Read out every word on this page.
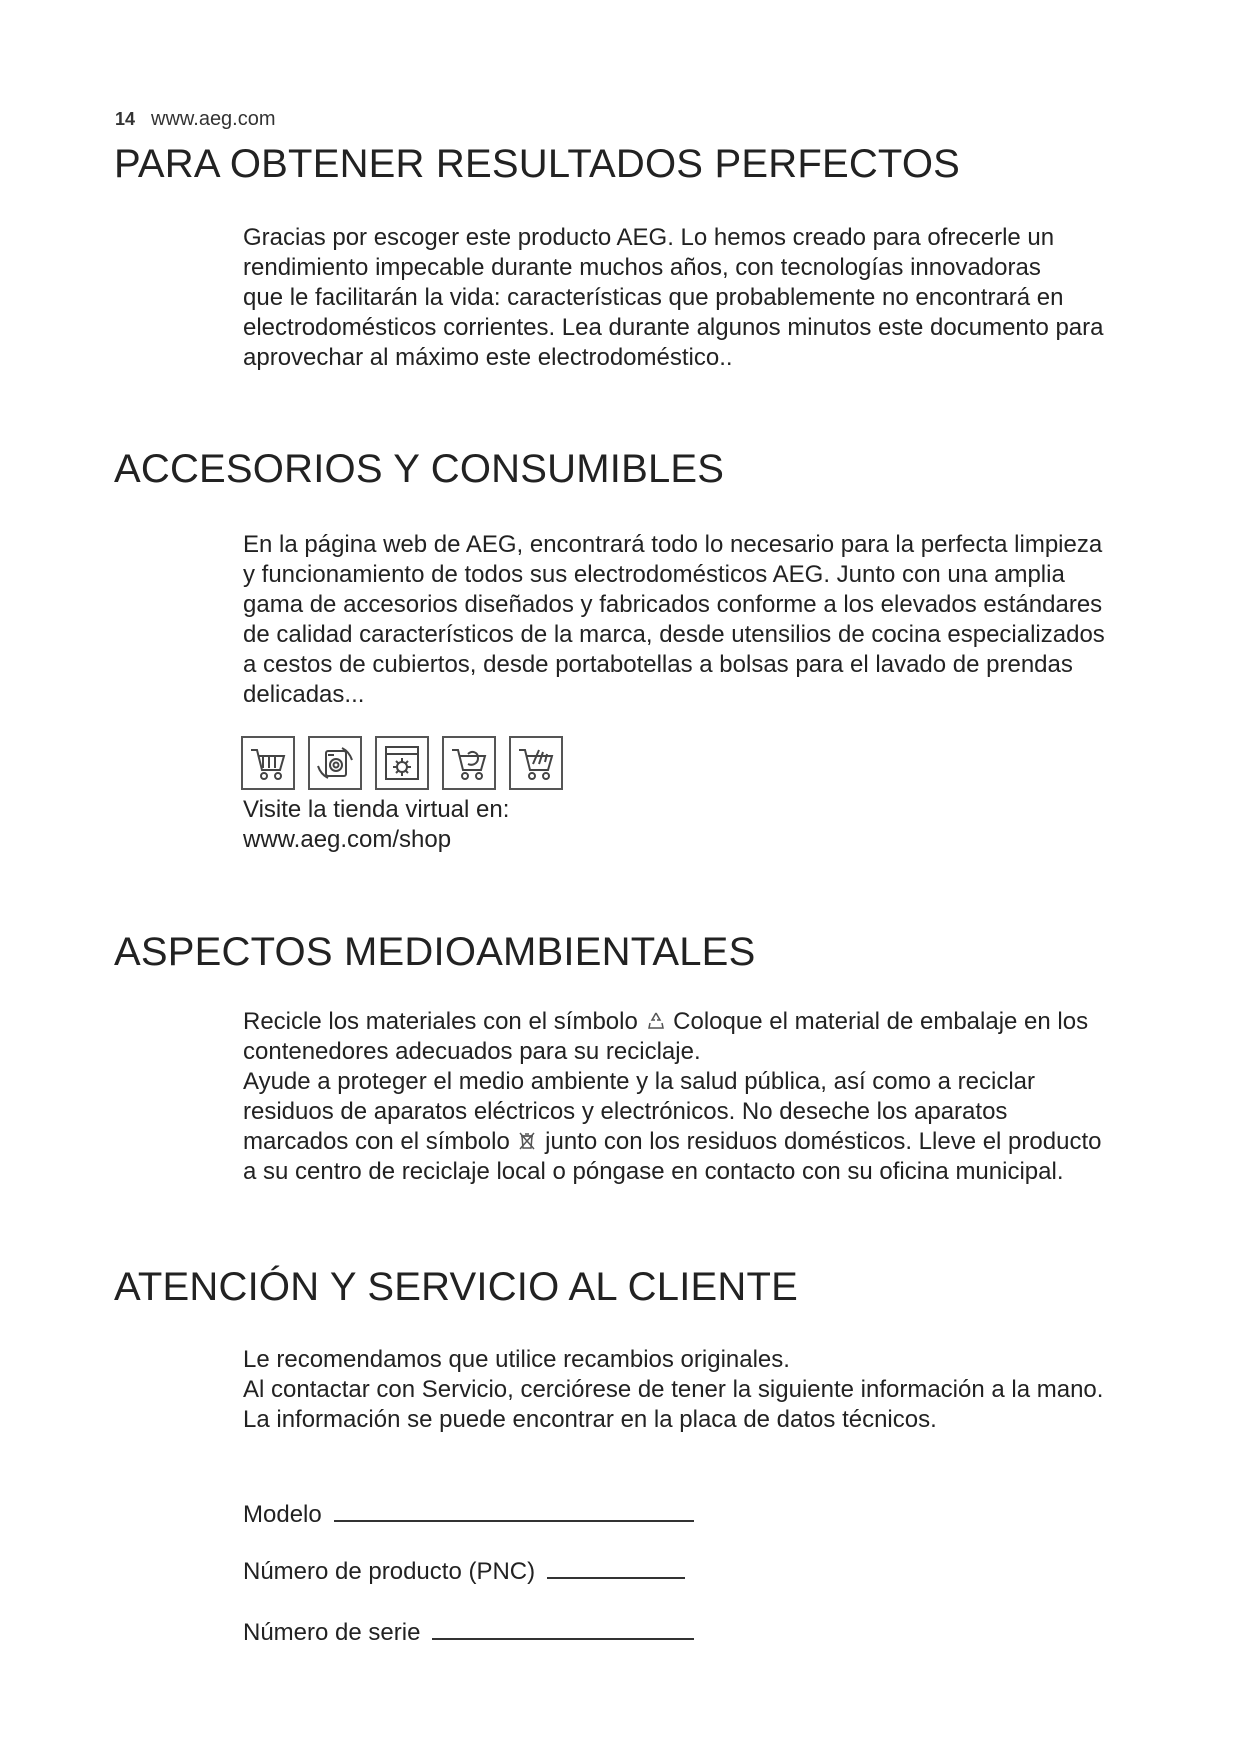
14 www.aeg.com
PARA OBTENER RESULTADOS PERFECTOS
Gracias por escoger este producto AEG. Lo hemos creado para ofrecerle un
rendimiento impecable durante muchos años, con tecnologías innovadoras
que le facilitarán la vida: características que probablemente no encontrará en
electrodomésticos corrientes. Lea durante algunos minutos este documento para
aprovechar al máximo este electrodoméstico..
ACCESORIOS Y CONSUMIBLES
En la página web de AEG, encontrará todo lo necesario para la perfecta limpieza
y funcionamiento de todos sus electrodomésticos AEG. Junto con una amplia
gama de accesorios diseñados y fabricados conforme a los elevados estándares
de calidad característicos de la marca, desde utensilios de cocina especializados
a cestos de cubiertos, desde portabotellas a bolsas para el lavado de prendas
delicadas...
Visite la tienda virtual en:
www.aeg.com/shop
ASPECTOS MEDIOAMBIENTALES
Recicle los materiales con el símbolo Coloque el material de embalaje en los
contenedores adecuados para su reciclaje.
Ayude a proteger el medio ambiente y la salud pública, así como a reciclar
residuos de aparatos eléctricos y electrónicos. No deseche los aparatos
marcados con el símbolo junto con los residuos domésticos. Lleve el producto
a su centro de reciclaje local o póngase en contacto con su oficina municipal.
ATENCIÓN Y SERVICIO AL CLIENTE
Le recomendamos que utilice recambios originales.
Al contactar con Servicio, cerciórese de tener la siguiente información a la mano.
La información se puede encontrar en la placa de datos técnicos.
Modelo
Número de producto (PNC)
Número de serie
